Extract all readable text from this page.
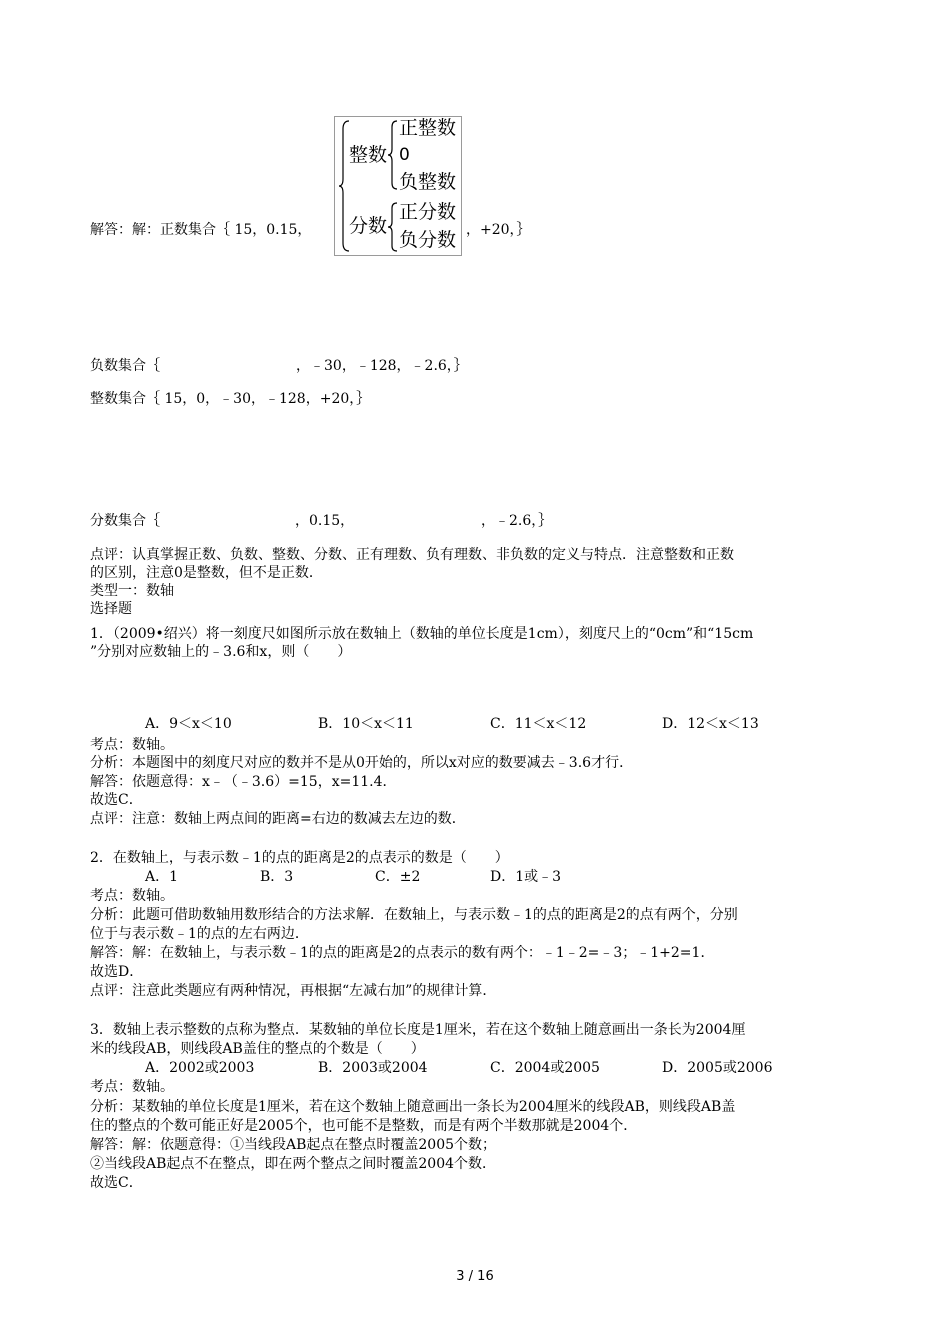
解答：解：正数集合｛ 15，0.15，
整数
正整数
0
负整数
分数
正分数
负分数 ，+20，｝
负数集合｛	，﹣30，﹣128，﹣2.6，｝
整数集合｛ 15，0，﹣30，﹣128，+20，｝
分数集合｛	，0.15，	，﹣2.6，｝
点评：认真掌握正数、负数、整数、分数、正有理数、负有理数、非负数的定义与特点．注意整数和正数
的区别，注意0是整数，但不是正数．
类型一：数轴
选择题
1．（2009•绍兴）将一刻度尺如图所示放在数轴上（数轴的单位长度是1cm），刻度尺上的“0cm”和“15cm
”分别对应数轴上的﹣3.6和x，则（　　）
A．9＜x＜10	B．10＜x＜11	C．11＜x＜12	D．12＜x＜13
考点：数轴。
分析：本题图中的刻度尺对应的数并不是从0开始的，所以x对应的数要减去﹣3.6才行．
解答：依题意得：x﹣（﹣3.6）=15，x=11.4．
故选C．
点评：注意：数轴上两点间的距离=右边的数减去左边的数．
2．在数轴上，与表示数﹣1的点的距离是2的点表示的数是（　　）
A．1	B．3	C．±2	D．1或﹣3
考点：数轴。
分析：此题可借助数轴用数形结合的方法求解．在数轴上，与表示数﹣1的点的距离是2的点有两个，分别
位于与表示数﹣1的点的左右两边．
解答：解：在数轴上，与表示数﹣1的点的距离是2的点表示的数有两个：﹣1﹣2=﹣3；﹣1+2=1．
故选D．
点评：注意此类题应有两种情况，再根据“左减右加”的规律计算．
3．数轴上表示整数的点称为整点．某数轴的单位长度是1厘米，若在这个数轴上随意画出一条长为2004厘
米的线段AB，则线段AB盖住的整点的个数是（　　）
A．2002或2003	B．2003或2004	C．2004或2005	D．2005或2006
考点：数轴。
分析：某数轴的单位长度是1厘米，若在这个数轴上随意画出一条长为2004厘米的线段AB，则线段AB盖
住的整点的个数可能正好是2005个，也可能不是整数，而是有两个半数那就是2004个．
解答：解：依题意得：①当线段AB起点在整点时覆盖2005个数；
②当线段AB起点不在整点，即在两个整点之间时覆盖2004个数．
故选C．
3 / 16
